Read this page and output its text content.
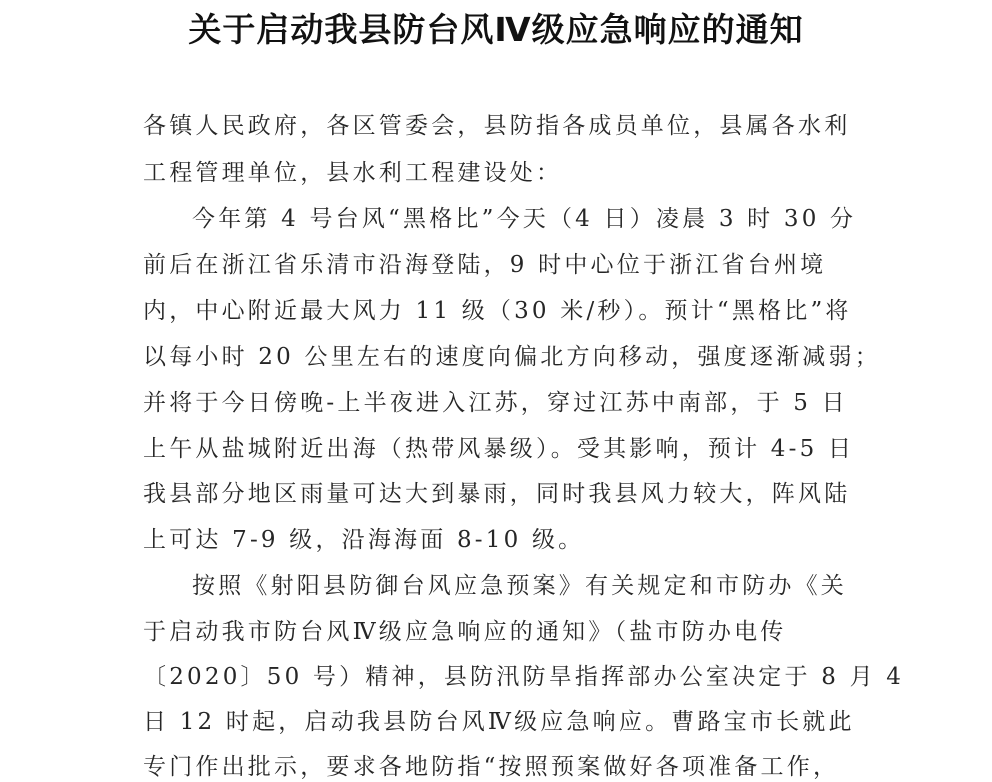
关于启动我县防台风Ⅳ级应急响应的通知
各镇人民政府，各区管委会，县防指各成员单位，县属各水利
工程管理单位，县水利工程建设处：
今年第 4 号台风“黑格比”今天（4 日）凌晨 3 时 30 分
前后在浙江省乐清市沿海登陆，9 时中心位于浙江省台州境
内，中心附近最大风力 11 级（30 米/秒）。预计“黑格比”将
以每小时 20 公里左右的速度向偏北方向移动，强度逐渐减弱；
并将于今日傍晚-上半夜进入江苏，穿过江苏中南部，于 5 日
上午从盐城附近出海（热带风暴级）。受其影响，预计 4-5 日
我县部分地区雨量可达大到暴雨，同时我县风力较大，阵风陆
上可达 7-9 级，沿海海面 8-10 级。
按照《射阳县防御台风应急预案》有关规定和市防办《关
于启动我市防台风Ⅳ级应急响应的通知》（盐市防办电传
〔2020〕50 号）精神，县防汛防旱指挥部办公室决定于 8 月 4
日 12 时起，启动我县防台风Ⅳ级应急响应。曹路宝市长就此
专门作出批示，要求各地防指“按照预案做好各项准备工作，
